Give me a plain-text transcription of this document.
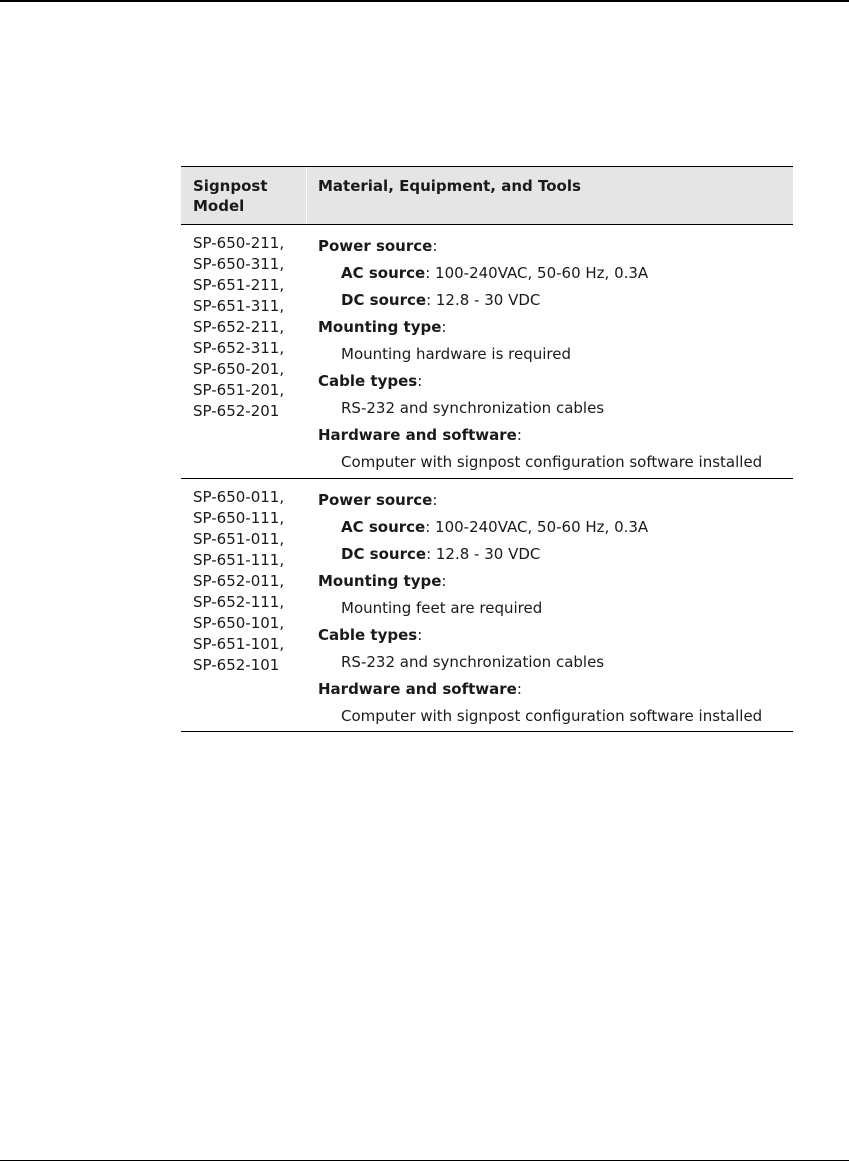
Signpost
Model
Material, Equipment, and Tools
SP-650-211,
SP-650-311,
SP-651-211,
SP-651-311,
SP-652-211,
SP-652-311,
SP-650-201,
SP-651-201,
SP-652-201
Power source:
AC source: 100-240VAC, 50-60 Hz, 0.3A
DC source: 12.8 - 30 VDC
Mounting type:
Mounting hardware is required
Cable types:
RS-232 and synchronization cables
Hardware and software:
Computer with signpost configuration software installed
SP-650-011,
SP-650-111,
SP-651-011,
SP-651-111,
SP-652-011,
SP-652-111,
SP-650-101,
SP-651-101,
SP-652-101
Power source:
AC source: 100-240VAC, 50-60 Hz, 0.3A
DC source: 12.8 - 30 VDC
Mounting type:
Mounting feet are required
Cable types:
RS-232 and synchronization cables
Hardware and software:
Computer with signpost configuration software installed
